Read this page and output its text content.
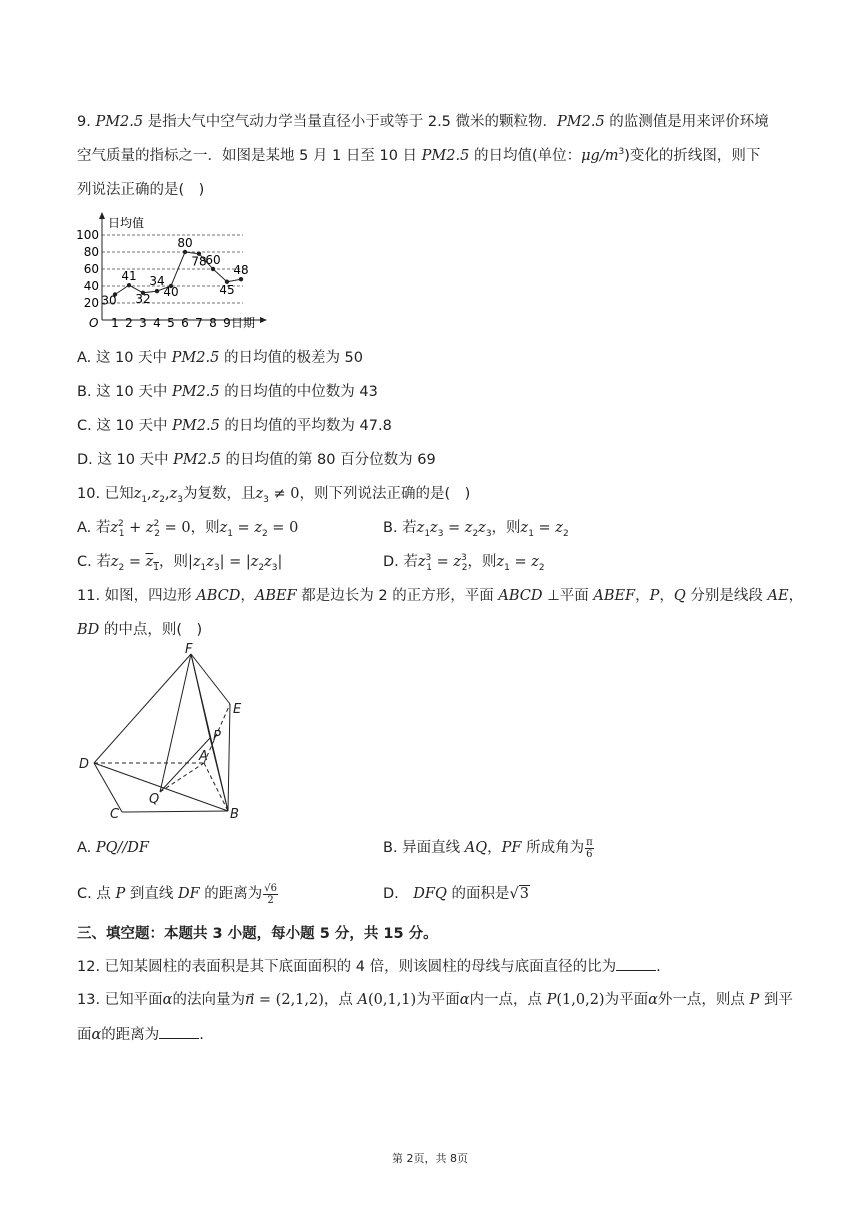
9. PM2.5 是指大气中空气动力学当量直径小于或等于 2.5 微米的颗粒物．PM2.5 的监测值是用来评价环境
空气质量的指标之一．如图是某地 5 月 1 日至 10 日 PM2.5 的日均值(单位：$\mu g/m^3$)变化的折线图，则下
列说法正确的是(　)
日均值
日期
O
20
40
60
80
100
1 2 3 4 5 6 7 8 9
30
41
32
34
40
80
78
60
45
48
A. 这 10 天中 PM2.5 的日均值的极差为 50
B. 这 10 天中 PM2.5 的日均值的中位数为 43
C. 这 10 天中 PM2.5 的日均值的平均数为 47.8
D. 这 10 天中 PM2.5 的日均值的第 80 百分位数为 69
10. 已知$z_1,z_2,z_3$为复数，且$z_3 \ne 0$，则下列说法正确的是(　)
A. 若$z^2_1 + z^2_2 = 0$，则$z_1 = z_2 = 0$	B. 若$z_1z_3 = z_2z_3$，则$z_1 = z_2$
C. 若$z_2 = z_1$，则$|z_1z_3| = |z_2z_3|$	D. 若$z^3_1 = z^3_2$，则$z_1 = z_2$
11. 如图，四边形 ABCD，ABEF 都是边长为 2 的正方形，平面 ABCD ⊥平面 ABEF，P，Q 分别是线段 AE，
BD 的中点，则(　)
F
E
P
A
D
Q
C	B
A. PQ//DF	B. 异面直线 AQ，PF 所成角为 $\frac{\pi}{6}$
C. 点 P 到直线 DF 的距离为 $\frac{√6}{2}$	D.　DFQ 的面积是√3
三、填空题：本题共 3 小题，每小题 5 分，共 15 分。
12. 已知某圆柱的表面积是其下底面面积的 4 倍，则该圆柱的母线与底面直径的比为	.
13. 已知平面α的法向量为n⃗ = (2,1,2)，点 A(0,1,1)为平面α内一点，点 P(1,0,2)为平面α外一点，则点 P 到平
面α的距离为	.
第 2页，共 8页
